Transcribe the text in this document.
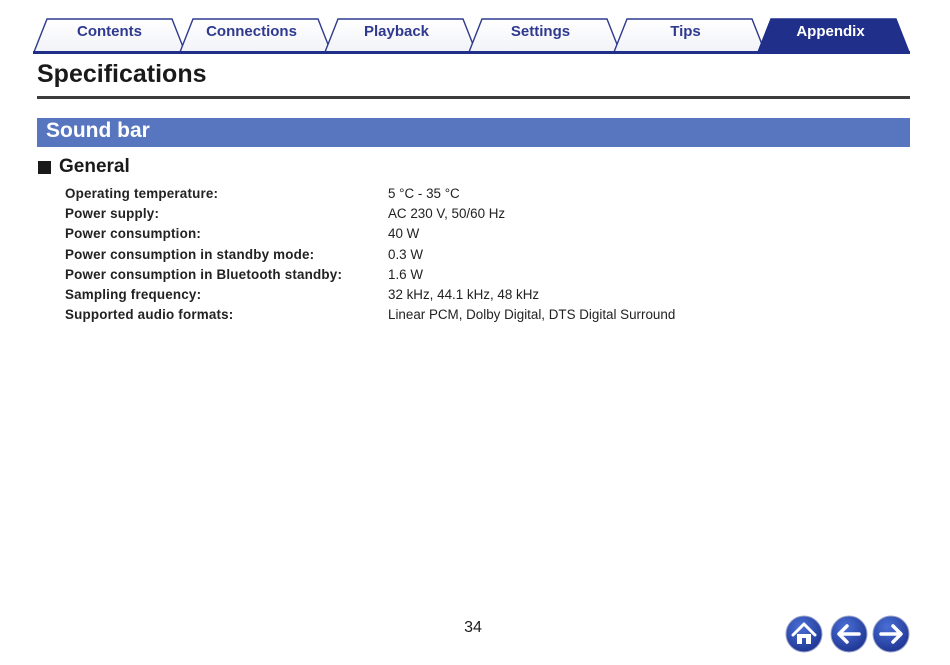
Contents	Connections	Playback	Settings	Tips	Appendix
Specifications
Sound bar
General
Operating temperature:	5 °C - 35 °C
Power supply:	AC 230 V, 50/60 Hz
Power consumption:	40 W
Power consumption in standby mode:	0.3 W
Power consumption in Bluetooth standby:	1.6 W
Sampling frequency:	32 kHz, 44.1 kHz, 48 kHz
Supported audio formats:	Linear PCM, Dolby Digital, DTS Digital Surround
34
